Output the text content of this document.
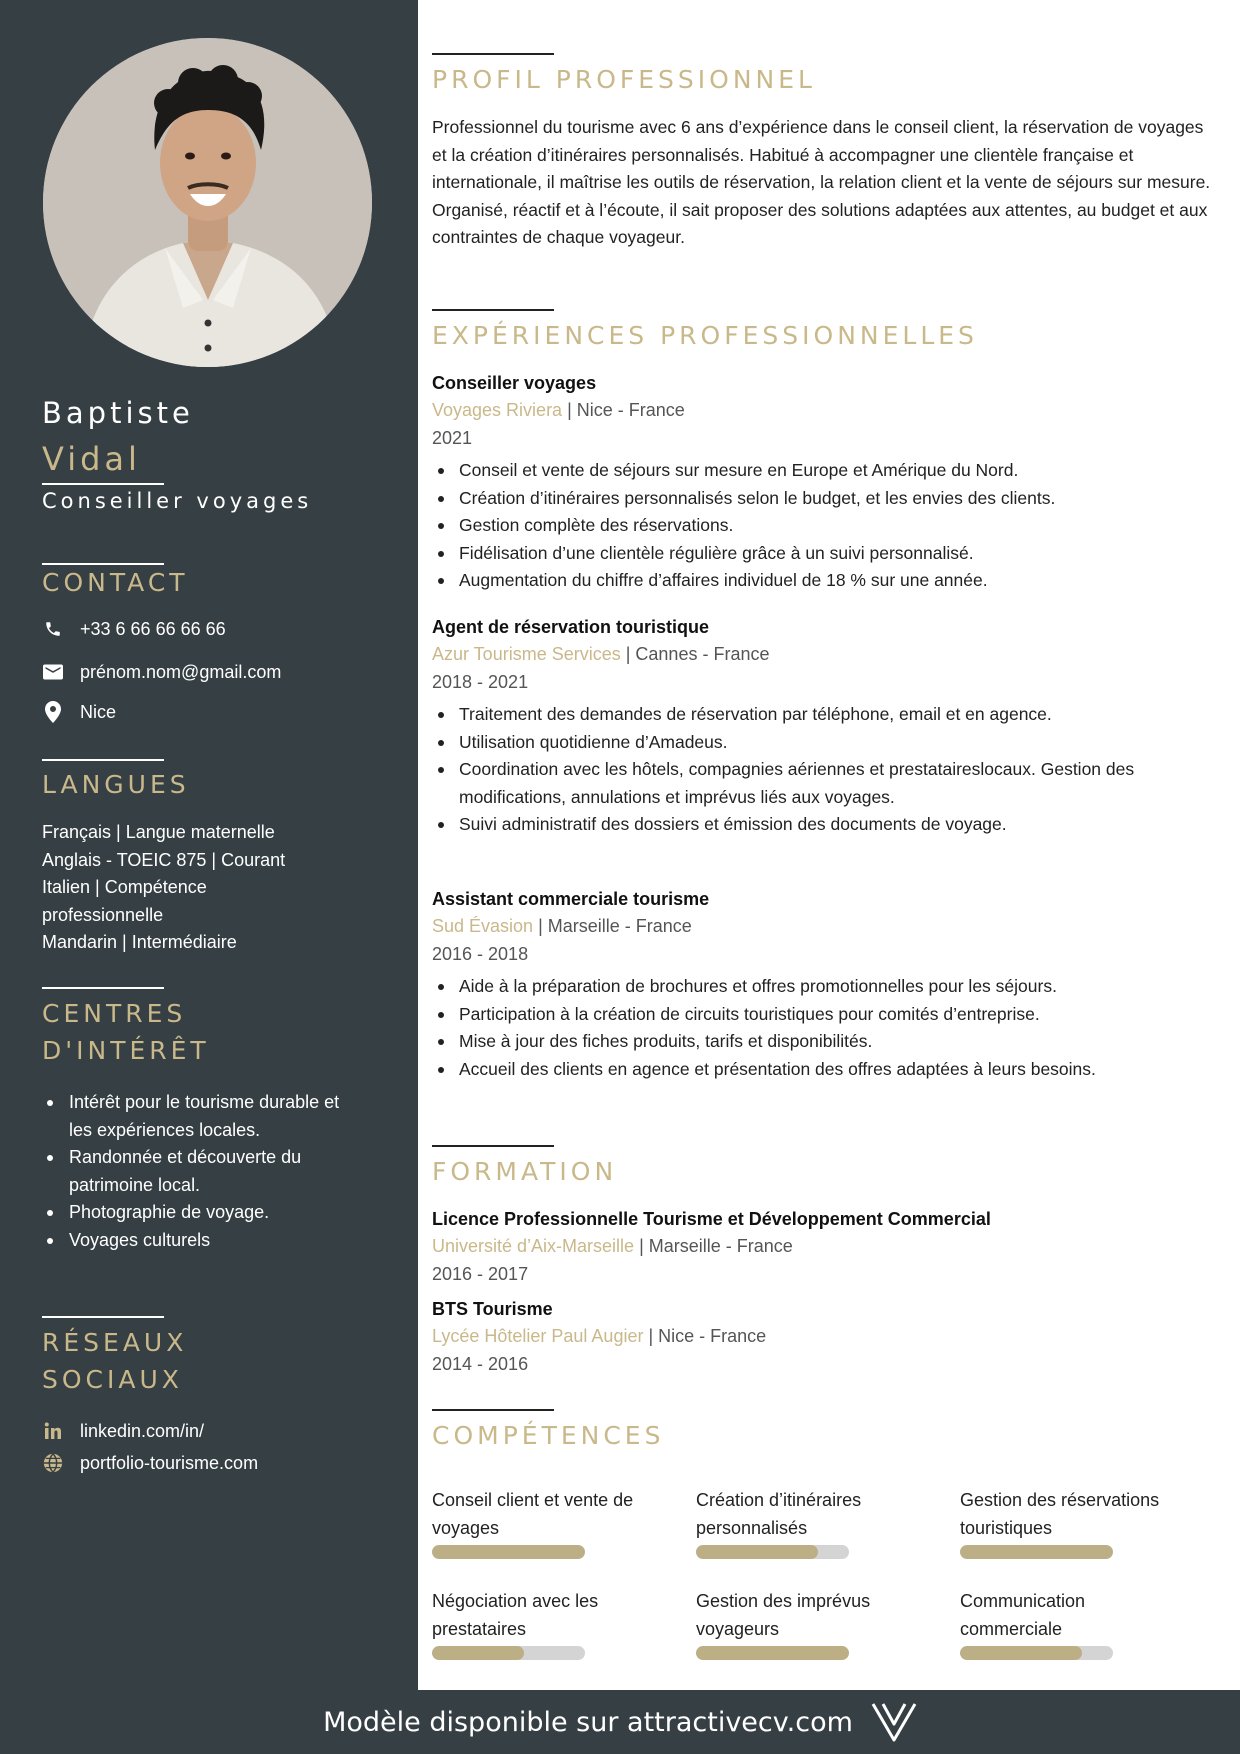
Baptiste
Vidal
Conseiller voyages
CONTACT
+33 6 66 66 66 66
prénom.nom@gmail.com
Nice
LANGUES
Français | Langue maternelle
Anglais - TOEIC 875 | Courant
Italien | Compétence professionnelle
Mandarin | Intermédiaire
CENTRES
D'INTÉRÊT
Intérêt pour le tourisme durable et les expériences locales.
Randonnée et découverte du patrimoine local.
Photographie de voyage.
Voyages culturels
RÉSEAUX
SOCIAUX
linkedin.com/in/
portfolio-tourisme.com
PROFIL PROFESSIONNEL

Professionnel du tourisme avec 6 ans d’expérience dans le conseil client, la réservation de voyages et la création d’itinéraires personnalisés. Habitué à accompagner une clientèle française et internationale, il maîtrise les outils de réservation, la relation client et la vente de séjours sur mesure. Organisé, réactif et à l’écoute, il sait proposer des solutions adaptées aux attentes, au budget et aux contraintes de chaque voyageur.

EXPÉRIENCES PROFESSIONNELLES
Conseiller voyages
Voyages Riviera | Nice - France
2021
Conseil et vente de séjours sur mesure en Europe et Amérique du Nord.
Création d’itinéraires personnalisés selon le budget, et les envies des clients.
Gestion complète des réservations.
Fidélisation d’une clientèle régulière grâce à un suivi personnalisé.
Augmentation du chiffre d’affaires individuel de 18 % sur une année.
Agent de réservation touristique
Azur Tourisme Services | Cannes - France
2018 - 2021
Traitement des demandes de réservation par téléphone, email et en agence.
Utilisation quotidienne d’Amadeus.
Coordination avec les hôtels, compagnies aériennes et prestataireslocaux. Gestion des modifications, annulations et imprévus liés aux voyages.
Suivi administratif des dossiers et émission des documents de voyage.
Assistant commerciale tourisme
Sud Évasion | Marseille - France
2016 - 2018
Aide à la préparation de brochures et offres promotionnelles pour les séjours.
Participation à la création de circuits touristiques pour comités d’entreprise.
Mise à jour des fiches produits, tarifs et disponibilités.
Accueil des clients en agence et présentation des offres adaptées à leurs besoins.
FORMATION
Licence Professionnelle Tourisme et Développement Commercial
Université d’Aix-Marseille | Marseille - France
2016 - 2017
BTS Tourisme
Lycée Hôtelier Paul Augier | Nice - France
2014 - 2016
COMPÉTENCES
Conseil client et vente de voyages
Création d’itinéraires personnalisés
Gestion des réservations touristiques
Négociation avec les prestataires
Gestion des imprévus voyageurs
Communication commerciale
Modèle disponible sur attractivecv.com
